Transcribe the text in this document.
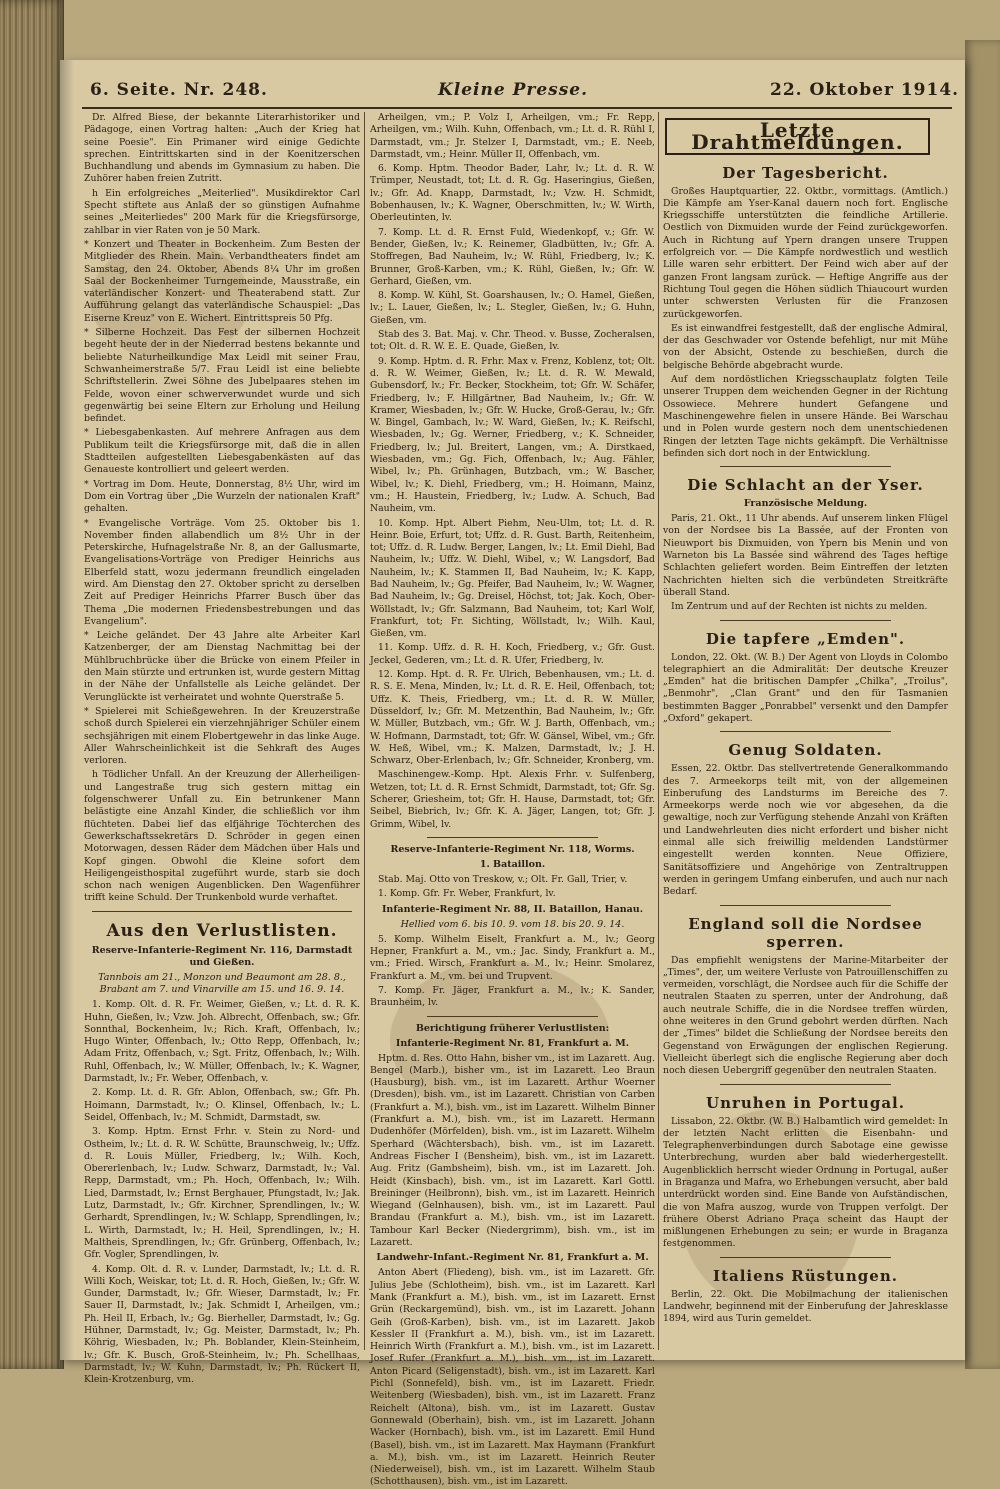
6. Seite. Nr. 248.	Kleine Presse.	22. Oktober 1914.
Dr. Alfred Biese, der bekannte Literarhistoriker und Pädagoge, einen Vortrag halten: „Auch der Krieg hat seine Poesie". Ein Primaner wird einige Gedichte sprechen. Eintrittskarten sind in der Koenitzerschen Buchhandlung und abends im Gymnasium zu haben. Die Zuhörer haben freien Zutritt.
h Ein erfolgreiches „Meiterlied". Musikdirektor Carl Specht stiftete aus Anlaß der so günstigen Aufnahme seines „Meiterliedes" 200 Mark für die Kriegsfürsorge, zahlbar in vier Raten von je 50 Mark.
* Konzert und Theater in Bockenheim. Zum Besten der Mitglieder des Rhein. Main. Verbandtheaters findet am Samstag, den 24. Oktober, Abends 8¼ Uhr im großen Saal der Bockenheimer Turngemeinde, Mausstraße, ein vaterländischer Konzert- und Theaterabend statt. Zur Aufführung gelangt das vaterländische Schauspiel: „Das Eiserne Kreuz" von E. Wichert. Eintrittspreis 50 Pfg.
* Silberne Hochzeit. Das Fest der silbernen Hochzeit begeht heute der in der Niederrad bestens bekannte und beliebte Naturheilkundige Max Leidl mit seiner Frau, Schwanheimerstraße 5/7. Frau Leidl ist eine beliebte Schriftstellerin. Zwei Söhne des Jubelpaares stehen im Felde, wovon einer schwerverwundet wurde und sich gegenwärtig bei seine Eltern zur Erholung und Heilung befindet.
* Liebesgabenkasten. Auf mehrere Anfragen aus dem Publikum teilt die Kriegsfürsorge mit, daß die in allen Stadtteilen aufgestellten Liebesgabenkästen auf das Genaueste kontrolliert und geleert werden.
* Vortrag im Dom. Heute, Donnerstag, 8½ Uhr, wird im Dom ein Vortrag über „Die Wurzeln der nationalen Kraft" gehalten.
* Evangelische Vorträge. Vom 25. Oktober bis 1. November finden allabendlich um 8½ Uhr in der Peterskirche, Hufnagelstraße Nr. 8, an der Gallusmarte, Evangelisations-Vorträge von Prediger Heinrichs aus Elberfeld statt, wozu jedermann freundlich eingeladen wird. Am Dienstag den 27. Oktober spricht zu derselben Zeit auf Prediger Heinrichs Pfarrer Busch über das Thema „Die modernen Friedensbestrebungen und das Evangelium".
* Leiche geländet. Der 43 Jahre alte Arbeiter Karl Katzenberger, der am Dienstag Nachmittag bei der Mühlbruchbrücke über die Brücke von einem Pfeiler in den Main stürzte und ertrunken ist, wurde gestern Mittag in der Nähe der Unfallstelle als Leiche geländet. Der Verunglückte ist verheiratet und wohnte Querstraße 5.
* Spielerei mit Schießgewehren. In der Kreuzerstraße schoß durch Spielerei ein vierzehnjähriger Schüler einem sechsjährigen mit einem Flobertgewehr in das linke Auge. Aller Wahrscheinlichkeit ist die Sehkraft des Auges verloren.
h Tödlicher Unfall. An der Kreuzung der Allerheiligen- und Langestraße trug sich gestern mittag ein folgenschwerer Unfall zu. Ein betrunkener Mann belästigte eine Anzahl Kinder, die schließlich vor ihm flüchteten. Dabei lief das elfjährige Töchterchen des Gewerkschaftssekretärs D. Schröder in gegen einen Motorwagen, dessen Räder dem Mädchen über Hals und Kopf gingen. Obwohl die Kleine sofort dem Heiligengeisthospital zugeführt wurde, starb sie doch schon nach wenigen Augenblicken. Den Wagenführer trifft keine Schuld. Der Trunkenbold wurde verhaftet.
Aus den Verlustlisten.
Reserve-Infanterie-Regiment Nr. 116, Darmstadt und Gießen.
Tannbois am 21., Monzon und Beaumont am 28. 8., Brabant am 7. und Vinarville am 15. und 16. 9. 14.
1. Komp. Olt. d. R. Fr. Weimer, Gießen, v.; Lt. d. R. K. Huhn, Gießen, lv.; Vzw. Joh. Albrecht, Offenbach, sw.; Gfr. Sonnthal, Bockenheim, lv.; Rich. Kraft, Offenbach, lv.; Hugo Winter, Offenbach, lv.; Otto Repp, Offenbach, lv.; Adam Fritz, Offenbach, v.; Sgt. Fritz, Offenbach, lv.; Wilh. Ruhl, Offenbach, lv.; W. Müller, Offenbach, lv.; K. Wagner, Darmstadt, lv.; Fr. Weber, Offenbach, v.
2. Komp. Lt. d. R. Gfr. Ablon, Offenbach, sw.; Gfr. Ph. Hoimann, Darmstadt, lv.; O. Klinsel, Offenbach, lv.; L. Seidel, Offenbach, lv.; M. Schmidt, Darmstadt, sw.
3. Komp. Hptm. Ernst Frhr. v. Stein zu Nord- und Ostheim, lv.; Lt. d. R. W. Schütte, Braunschweig, lv.; Uffz. d. R. Louis Müller, Friedberg, lv.; Wilh. Koch, Obererlenbach, lv.; Ludw. Schwarz, Darmstadt, lv.; Val. Repp, Darmstadt, vm.; Ph. Hoch, Offenbach, lv.; Wilh. Lied, Darmstadt, lv.; Ernst Berghauer, Pfungstadt, lv.; Jak. Lutz, Darmstadt, lv.; Gfr. Kirchner, Sprendlingen, lv.; W. Gerhardt, Sprendlingen, lv.; W. Schlapp, Sprendlingen, lv.; L. Wirth, Darmstadt, lv.; H. Heil, Sprendlingen, lv.; H. Maltheis, Sprendlingen, lv.; Gfr. Grünberg, Offenbach, lv.; Gfr. Vogler, Sprendlingen, lv.
4. Komp. Olt. d. R. v. Lunder, Darmstadt, lv.; Lt. d. R. Willi Koch, Weiskar, tot; Lt. d. R. Hoch, Gießen, lv.; Gfr. W. Gunder, Darmstadt, lv.; Gfr. Wieser, Darmstadt, lv.; Fr. Sauer II, Darmstadt, lv.; Jak. Schmidt I, Arheilgen, vm.; Ph. Heil II, Erbach, lv.; Gg. Bierheller, Darmstadt, lv.; Gg. Hühner, Darmstadt, lv.; Gg. Meister, Darmstadt, lv.; Ph. Köhrig, Wiesbaden, lv.; Ph. Boblander, Klein-Steinheim, lv.; Gfr. K. Busch, Groß-Steinheim, lv.; Ph. Schellhaas, Darmstadt, lv.; W. Kuhn, Darmstadt, lv.; Ph. Rückert II, Klein-Krotzenburg, vm.
Arheilgen, vm.; P. Volz I, Arheilgen, vm.; Fr. Repp, Arheilgen, vm.; Wilh. Kuhn, Offenbach, vm.; Lt. d. R. Rühl I, Darmstadt, vm.; Jr. Stelzer I, Darmstadt, vm.; E. Neeb, Darmstadt, vm.; Heinr. Müller II, Offenbach, vm.
6. Komp. Hptm. Theodor Bader, Lahr, lv.; Lt. d. R. W. Trümper, Neustadt, tot; Lt. d. R. Gg. Haseringius, Gießen, lv.; Gfr. Ad. Knapp, Darmstadt, lv.; Vzw. H. Schmidt, Bobenhausen, lv.; K. Wagner, Oberschmitten, lv.; W. Wirth, Oberleutinten, lv.
7. Komp. Lt. d. R. Ernst Fuld, Wiedenkopf, v.; Gfr. W. Bender, Gießen, lv.; K. Reinemer, Gladbütten, lv.; Gfr. A. Stoffregen, Bad Nauheim, lv.; W. Rühl, Friedberg, lv.; K. Brunner, Groß-Karben, vm.; K. Rühl, Gießen, lv.; Gfr. W. Gerhard, Gießen, vm.
8. Komp. W. Kühl, St. Goarshausen, lv.; O. Hamel, Gießen, lv.; L. Lauer, Gießen, lv.; L. Stegler, Gießen, lv.; G. Huhn, Gießen, vm.
Stab des 3. Bat. Maj. v. Chr. Theod. v. Busse, Zocheralsen, tot; Olt. d. R. W. E. E. Quade, Gießen, lv.
9. Komp. Hptm. d. R. Frhr. Max v. Frenz, Koblenz, tot; Olt. d. R. W. Weimer, Gießen, lv.; Lt. d. R. W. Mewald, Gubensdorf, lv.; Fr. Becker, Stockheim, tot; Gfr. W. Schäfer, Friedberg, lv.; F. Hillgärtner, Bad Nauheim, lv.; Gfr. W. Kramer, Wiesbaden, lv.; Gfr. W. Hucke, Groß-Gerau, lv.; Gfr. W. Bingel, Gambach, lv.; W. Ward, Gießen, lv.; K. Reifschl, Wiesbaden, lv.; Gg. Werner, Friedberg, v.; K. Schneider, Friedberg, lv.; Jul. Breitert, Langen, vm.; A. Dirstkaed, Wiesbaden, vm.; Gg. Fich, Offenbach, lv.; Aug. Fähler, Wibel, lv.; Ph. Grünhagen, Butzbach, vm.; W. Bascher, Wibel, lv.; K. Diehl, Friedberg, vm.; H. Hoimann, Mainz, vm.; H. Haustein, Friedberg, lv.; Ludw. A. Schuch, Bad Nauheim, vm.
10. Komp. Hpt. Albert Piehm, Neu-Ulm, tot; Lt. d. R. Heinr. Boie, Erfurt, tot; Uffz. d. R. Gust. Barth, Reitenheim, tot; Uffz. d. R. Ludw. Berger, Langen, lv.; Lt. Emil Diehl, Bad Nauheim, lv.; Uffz. W. Diehl, Wibel, v.; W. Langsdorf, Bad Nauheim, lv.; K. Stammen II, Bad Nauheim, lv.; K. Kapp, Bad Nauheim, lv.; Gg. Pfeifer, Bad Nauheim, lv.; W. Wagner, Bad Nauheim, lv.; Gg. Dreisel, Höchst, tot; Jak. Koch, Ober-Wöllstadt, lv.; Gfr. Salzmann, Bad Nauheim, tot; Karl Wolf, Frankfurt, tot; Fr. Sichting, Wöllstadt, lv.; Wilh. Kaul, Gießen, vm.
11. Komp. Uffz. d. R. H. Koch, Friedberg, v.; Gfr. Gust. Jeckel, Gederen, vm.; Lt. d. R. Ufer, Friedberg, lv.
12. Komp. Hpt. d. R. Fr. Ulrich, Bebenhausen, vm.; Lt. d. R. S. E. Mena, Minden, lv.; Lt. d. R. E. Heil, Offenbach, tot; Uffz. K. Theis, Friedberg, vm.; Lt. d. R. W. Müller, Düsseldorf, lv.; Gfr. M. Metzenthin, Bad Nauheim, lv.; Gfr. W. Müller, Butzbach, vm.; Gfr. W. J. Barth, Offenbach, vm.; W. Hofmann, Darmstadt, tot; Gfr. W. Gänsel, Wibel, vm.; Gfr. W. Heß, Wibel, vm.; K. Malzen, Darmstadt, lv.; J. H. Schwarz, Ober-Erlenbach, lv.; Gfr. Schneider, Kronberg, vm.
Maschinengew.-Komp. Hpt. Alexis Frhr. v. Sulfenberg, Wetzen, tot; Lt. d. R. Ernst Schmidt, Darmstadt, tot; Gfr. Sg. Scherer, Griesheim, tot; Gfr. H. Hause, Darmstadt, tot; Gfr. Seibel, Biebrich, lv.; Gfr. K. A. Jäger, Langen, tot; Gfr. J. Grimm, Wibel, lv.
Reserve-Infanterie-Regiment Nr. 118, Worms.
1. Bataillon.
Stab. Maj. Otto von Treskow, v.; Olt. Fr. Gall, Trier, v.
1. Komp. Gfr. Fr. Weber, Frankfurt, lv.
Infanterie-Regiment Nr. 88, II. Bataillon, Hanau.
Hellied vom 6. bis 10. 9. vom 18. bis 20. 9. 14.
5. Komp. Wilhelm Eiselt, Frankfurt a. M., lv.; Georg Hepner, Frankfurt a. M., vm.; Jac. Sindy, Frankfurt a. M., vm.; Fried. Wirsch, Frankfurt a. M., lv.; Heinr. Smolarez, Frankfurt a. M., vm. bei und Trupvent.
7. Komp. Fr. Jäger, Frankfurt a. M., lv.; K. Sander, Braunheim, lv.
Berichtigung früherer Verlustlisten:
Infanterie-Regiment Nr. 81, Frankfurt a. M.
Hptm. d. Res. Otto Hahn, bisher vm., ist im Lazarett. Aug. Bengel (Marb.), bisher vm., ist im Lazarett. Leo Braun (Hausburg), bish. vm., ist im Lazarett. Arthur Woerner (Dresden), bish. vm., ist im Lazarett. Christian von Carben (Frankfurt a. M.), bish. vm., ist im Lazarett. Wilhelm Binner (Frankfurt a. M.), bish. vm., ist im Lazarett. Hermann Dudenhöfer (Mörfelden), bish. vm., ist im Lazarett. Wilhelm Sperhard (Wächtersbach), bish. vm., ist im Lazarett. Andreas Fischer I (Bensheim), bish. vm., ist im Lazarett. Aug. Fritz (Gambsheim), bish. vm., ist im Lazarett. Joh. Heidt (Kinsbach), bish. vm., ist im Lazarett. Karl Gottl. Breininger (Heilbronn), bish. vm., ist im Lazarett. Heinrich Wiegand (Gelnhausen), bish. vm., ist im Lazarett. Paul Brandau (Frankfurt a. M.), bish. vm., ist im Lazarett. Tambour Karl Becker (Niedergrimm), bish. vm., ist im Lazarett.
Landwehr-Infant.-Regiment Nr. 81, Frankfurt a. M.
Anton Abert (Fliedeng), bish. vm., ist im Lazarett. Gfr. Julius Jebe (Schlotheim), bish. vm., ist im Lazarett. Karl Mank (Frankfurt a. M.), bish. vm., ist im Lazarett. Ernst Grün (Reckargemünd), bish. vm., ist im Lazarett. Johann Geih (Groß-Karben), bish. vm., ist im Lazarett. Jakob Kessler II (Frankfurt a. M.), bish. vm., ist im Lazarett. Heinrich Wirth (Frankfurt a. M.), bish. vm., ist im Lazarett. Josef Rufer (Frankfurt a. M.), bish. vm., ist im Lazarett. Anton Picard (Seligenstadt), bish. vm., ist im Lazarett. Karl Pichl (Sonnefeld), bish. vm., ist im Lazarett. Friedr. Weitenberg (Wiesbaden), bish. vm., ist im Lazarett. Franz Reichelt (Altona), bish. vm., ist im Lazarett. Gustav Gonnewald (Oberhain), bish. vm., ist im Lazarett. Johann Wacker (Hornbach), bish. vm., ist im Lazarett. Emil Hund (Basel), bish. vm., ist im Lazarett. Max Haymann (Frankfurt a. M.), bish. vm., ist im Lazarett. Heinrich Reuter (Niederweisel), bish. vm., ist im Lazarett. Wilhelm Staub (Schotthausen), bish. vm., ist im Lazarett.
Letzte Drahtmeldungen.
Der Tagesbericht.
Großes Hauptquartier, 22. Oktbr., vormittags. (Amtlich.) Die Kämpfe am Yser-Kanal dauern noch fort. Englische Kriegsschiffe unterstützten die feindliche Artillerie. Oestlich von Dixmuiden wurde der Feind zurückgeworfen. Auch in Richtung auf Ypern drangen unsere Truppen erfolgreich vor. — Die Kämpfe nordwestlich und westlich Lille waren sehr erbittert. Der Feind wich aber auf der ganzen Front langsam zurück. — Heftige Angriffe aus der Richtung Toul gegen die Höhen südlich Thiaucourt wurden unter schwersten Verlusten für die Franzosen zurückgeworfen.
Es ist einwandfrei festgestellt, daß der englische Admiral, der das Geschwader vor Ostende befehligt, nur mit Mühe von der Absicht, Ostende zu beschießen, durch die belgische Behörde abgebracht wurde.
Auf dem nordöstlichen Kriegsschauplatz folgten Teile unserer Truppen dem weichenden Gegner in der Richtung Ossowiece. Mehrere hundert Gefangene und Maschinengewehre fielen in unsere Hände. Bei Warschau und in Polen wurde gestern noch dem unentschiedenen Ringen der letzten Tage nichts gekämpft. Die Verhältnisse befinden sich dort noch in der Entwicklung.
Die Schlacht an der Yser.
Französische Meldung.
Paris, 21. Okt., 11 Uhr abends. Auf unserem linken Flügel von der Nordsee bis La Bassée, auf der Fronten von Nieuwport bis Dixmuiden, von Ypern bis Menin und von Warneton bis La Bassée sind während des Tages heftige Schlachten geliefert worden. Beim Eintreffen der letzten Nachrichten hielten sich die verbündeten Streitkräfte überall Stand.
Im Zentrum und auf der Rechten ist nichts zu melden.
Die tapfere „Emden".
London, 22. Okt. (W. B.) Der Agent von Lloyds in Colombo telegraphiert an die Admiralität: Der deutsche Kreuzer „Emden" hat die britischen Dampfer „Chilka", „Troilus", „Benmohr", „Clan Grant" und den für Tasmanien bestimmten Bagger „Ponrabbel" versenkt und den Dampfer „Oxford" gekapert.
Genug Soldaten.
Essen, 22. Oktbr. Das stellvertretende Generalkommando des 7. Armeekorps teilt mit, von der allgemeinen Einberufung des Landsturms im Bereiche des 7. Armeekorps werde noch wie vor abgesehen, da die gewaltige, noch zur Verfügung stehende Anzahl von Kräften und Landwehrleuten dies nicht erfordert und bisher nicht einmal alle sich freiwillig meldenden Landstürmer eingestellt werden konnten. Neue Offiziere, Sanitätsoffiziere und Angehörige von Zentraltruppen werden in geringem Umfang einberufen, und auch nur nach Bedarf.
England soll die Nordsee sperren.
Das empfiehlt wenigstens der Marine-Mitarbeiter der „Times", der, um weitere Verluste von Patrouillenschiffen zu vermeiden, vorschlägt, die Nordsee auch für die Schiffe der neutralen Staaten zu sperren, unter der Androhung, daß auch neutrale Schiffe, die in die Nordsee treffen würden, ohne weiteres in den Grund gebohrt werden dürften. Nach der „Times" bildet die Schließung der Nordsee bereits den Gegenstand von Erwägungen der englischen Regierung. Vielleicht überlegt sich die englische Regierung aber doch noch diesen Uebergriff gegenüber den neutralen Staaten.
Unruhen in Portugal.
Lissabon, 22. Oktbr. (W. B.) Halbamtlich wird gemeldet: In der letzten Nacht erlitten die Eisenbahn- und Telegraphenverbindungen durch Sabotage eine gewisse Unterbrechung, wurden aber bald wiederhergestellt. Augenblicklich herrscht wieder Ordnung in Portugal, außer in Braganza und Mafra, wo Erhebungen versucht, aber bald unterdrückt worden sind. Eine Bande von Aufständischen, die von Mafra auszog, wurde von Truppen verfolgt. Der frühere Oberst Adriano Praça scheint das Haupt der mißlungenen Erhebungen zu sein; er wurde in Braganza festgenommen.
Italiens Rüstungen.
Berlin, 22. Okt. Die Mobilmachung der italienischen Landwehr, beginnend mit der Einberufung der Jahresklasse 1894, wird aus Turin gemeldet.
